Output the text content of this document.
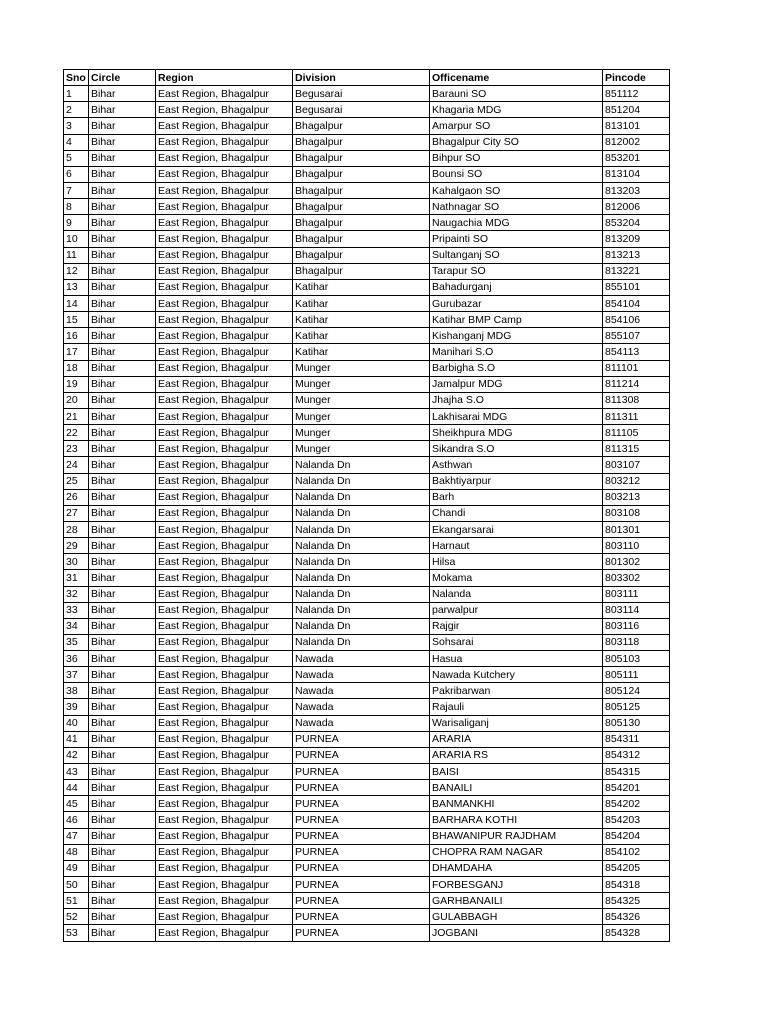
Sno	Circle	Region	Division	Officename	Pincode
1	Bihar	East Region, Bhagalpur	Begusarai	Barauni SO	851112
2	Bihar	East Region, Bhagalpur	Begusarai	Khagaria MDG	851204
3	Bihar	East Region, Bhagalpur	Bhagalpur	Amarpur SO	813101
4	Bihar	East Region, Bhagalpur	Bhagalpur	Bhagalpur City SO	812002
5	Bihar	East Region, Bhagalpur	Bhagalpur	Bihpur SO	853201
6	Bihar	East Region, Bhagalpur	Bhagalpur	Bounsi SO	813104
7	Bihar	East Region, Bhagalpur	Bhagalpur	Kahalgaon SO	813203
8	Bihar	East Region, Bhagalpur	Bhagalpur	Nathnagar SO	812006
9	Bihar	East Region, Bhagalpur	Bhagalpur	Naugachia MDG	853204
10	Bihar	East Region, Bhagalpur	Bhagalpur	Pripainti SO	813209
11	Bihar	East Region, Bhagalpur	Bhagalpur	Sultanganj SO	813213
12	Bihar	East Region, Bhagalpur	Bhagalpur	Tarapur SO	813221
13	Bihar	East Region, Bhagalpur	Katihar	Bahadurganj	855101
14	Bihar	East Region, Bhagalpur	Katihar	Gurubazar	854104
15	Bihar	East Region, Bhagalpur	Katihar	Katihar BMP Camp	854106
16	Bihar	East Region, Bhagalpur	Katihar	Kishanganj MDG	855107
17	Bihar	East Region, Bhagalpur	Katihar	Manihari S.O	854113
18	Bihar	East Region, Bhagalpur	Munger	Barbigha S.O	811101
19	Bihar	East Region, Bhagalpur	Munger	Jamalpur MDG	811214
20	Bihar	East Region, Bhagalpur	Munger	Jhajha S.O	811308
21	Bihar	East Region, Bhagalpur	Munger	Lakhisarai MDG	811311
22	Bihar	East Region, Bhagalpur	Munger	Sheikhpura MDG	811105
23	Bihar	East Region, Bhagalpur	Munger	Sikandra S.O	811315
24	Bihar	East Region, Bhagalpur	Nalanda Dn	Asthwan	803107
25	Bihar	East Region, Bhagalpur	Nalanda Dn	Bakhtiyarpur	803212
26	Bihar	East Region, Bhagalpur	Nalanda Dn	Barh	803213
27	Bihar	East Region, Bhagalpur	Nalanda Dn	Chandi	803108
28	Bihar	East Region, Bhagalpur	Nalanda Dn	Ekangarsarai	801301
29	Bihar	East Region, Bhagalpur	Nalanda Dn	Harnaut	803110
30	Bihar	East Region, Bhagalpur	Nalanda Dn	Hilsa	801302
31	Bihar	East Region, Bhagalpur	Nalanda Dn	Mokama	803302
32	Bihar	East Region, Bhagalpur	Nalanda Dn	Nalanda	803111
33	Bihar	East Region, Bhagalpur	Nalanda Dn	parwalpur	803114
34	Bihar	East Region, Bhagalpur	Nalanda Dn	Rajgir	803116
35	Bihar	East Region, Bhagalpur	Nalanda Dn	Sohsarai	803118
36	Bihar	East Region, Bhagalpur	Nawada	Hasua	805103
37	Bihar	East Region, Bhagalpur	Nawada	Nawada Kutchery	805111
38	Bihar	East Region, Bhagalpur	Nawada	Pakribarwan	805124
39	Bihar	East Region, Bhagalpur	Nawada	Rajauli	805125
40	Bihar	East Region, Bhagalpur	Nawada	Warisaliganj	805130
41	Bihar	East Region, Bhagalpur	PURNEA	ARARIA	854311
42	Bihar	East Region, Bhagalpur	PURNEA	ARARIA RS	854312
43	Bihar	East Region, Bhagalpur	PURNEA	BAISI	854315
44	Bihar	East Region, Bhagalpur	PURNEA	BANAILI	854201
45	Bihar	East Region, Bhagalpur	PURNEA	BANMANKHI	854202
46	Bihar	East Region, Bhagalpur	PURNEA	BARHARA KOTHI	854203
47	Bihar	East Region, Bhagalpur	PURNEA	BHAWANIPUR RAJDHAM	854204
48	Bihar	East Region, Bhagalpur	PURNEA	CHOPRA RAM NAGAR	854102
49	Bihar	East Region, Bhagalpur	PURNEA	DHAMDAHA	854205
50	Bihar	East Region, Bhagalpur	PURNEA	FORBESGANJ	854318
51	Bihar	East Region, Bhagalpur	PURNEA	GARHBANAILI	854325
52	Bihar	East Region, Bhagalpur	PURNEA	GULABBAGH	854326
53	Bihar	East Region, Bhagalpur	PURNEA	JOGBANI	854328
